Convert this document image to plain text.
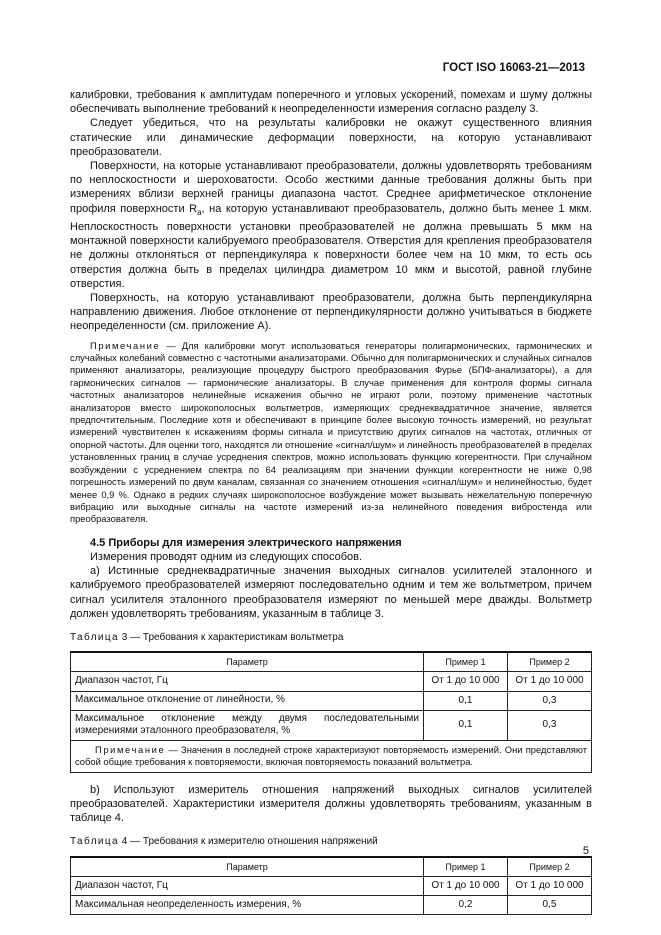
ГОСТ ISO 16063-21—2013

калибровки, требования к амплитудам поперечного и угловых ускорений, помехам и шуму должны обеспечивать выполнение требований к неопределенности измерения согласно разделу 3.

Следует убедиться, что на результаты калибровки не окажут существенного влияния статические или динамические деформации поверхности, на которую устанавливают преобразователи.

Поверхности, на которые устанавливают преобразователи, должны удовлетворять требованиям по неплоскостности и шероховатости. Особо жесткими данные требования должны быть при измерениях вблизи верхней границы диапазона частот. Среднее арифметическое отклонение профиля поверхности $R_a$, на которую устанавливают преобразователь, должно быть менее 1 мкм. Неплоскостность поверхности установки преобразователей не должна превышать 5 мкм на монтажной поверхности калибруемого преобразователя. Отверстия для крепления преобразователя не должны отклоняться от перпендикуляра к поверхности более чем на 10 мкм, то есть ось отверстия должна быть в пределах цилиндра диаметром 10 мкм и высотой, равной глубине отверстия.

Поверхность, на которую устанавливают преобразователи, должна быть перпендикулярна направлению движения. Любое отклонение от перпендикулярности должно учитываться в бюджете неопределенности (см. приложение А).

Примечание — Для калибровки могут использоваться генераторы полигармонических, гармонических и случайных колебаний совместно с частотными анализаторами. Обычно для полигармонических и случайных сигналов применяют анализаторы, реализующие процедуру быстрого преобразования Фурье (БПФ-анализаторы), а для гармонических сигналов — гармонические анализаторы. В случае применения для контроля формы сигнала частотных анализаторов нелинейные искажения обычно не играют роли, поэтому применение частотных анализаторов вместо широкополосных вольтметров, измеряющих среднеквадратичное значение, является предпочтительным. Последние хотя и обеспечивают в принципе более высокую точность измерений, но результат измерений чувствителен к искажениям формы сигнала и присутствию других сигналов на частотах, отличных от опорной частоты. Для оценки того, находятся ли отношение «сигнал/шум» и линейность преобразователей в пределах установленных границ в случае усреднения спектров, можно использовать функцию когерентности. При случайном возбуждении с усреднением спектра по 64 реализациям при значении функции когерентности не ниже 0,98 погрешность измерений по двум каналам, связанная со значением отношения «сигнал/шум» и нелинейностью, будет менее 0,9 %. Однако в редких случаях широкополосное возбуждение может вызывать нежелательную поперечную вибрацию или выходные сигналы на частоте измерений из-за нелинейного поведения вибростенда или преобразователя.

4.5 Приборы для измерения электрического напряжения

Измерения проводят одним из следующих способов.

а) Истинные среднеквадратичные значения выходных сигналов усилителей эталонного и калибруемого преобразователей измеряют последовательно одним и тем же вольтметром, причем сигнал усилителя эталонного преобразователя измеряют по меньшей мере дважды. Вольтметр должен удовлетворять требованиям, указанным в таблице 3.

Таблица 3 — Требования к характеристикам вольтметра
Параметр	Пример 1	Пример 2
Диапазон частот, Гц	От 1 до 10 000	От 1 до 10 000
Максимальное отклонение от линейности, %	0,1	0,3
Максимальное отклонение между двумя последовательными измерениями эталонного преобразователя, %	0,1	0,3
Примечание — Значения в последней строке характеризуют повторяемость измерений. Они представляют собой общие требования к повторяемости, включая повторяемость показаний вольтметра.		

b) Используют измеритель отношения напряжений выходных сигналов усилителей преобразователей. Характеристики измерителя должны удовлетворять требованиям, указанным в таблице 4.

Таблица 4 — Требования к измерителю отношения напряжений
Параметр	Пример 1	Пример 2
Диапазон частот, Гц	От 1 до 10 000	От 1 до 10 000
Максимальная неопределенность измерения, %	0,2	0,5
5
